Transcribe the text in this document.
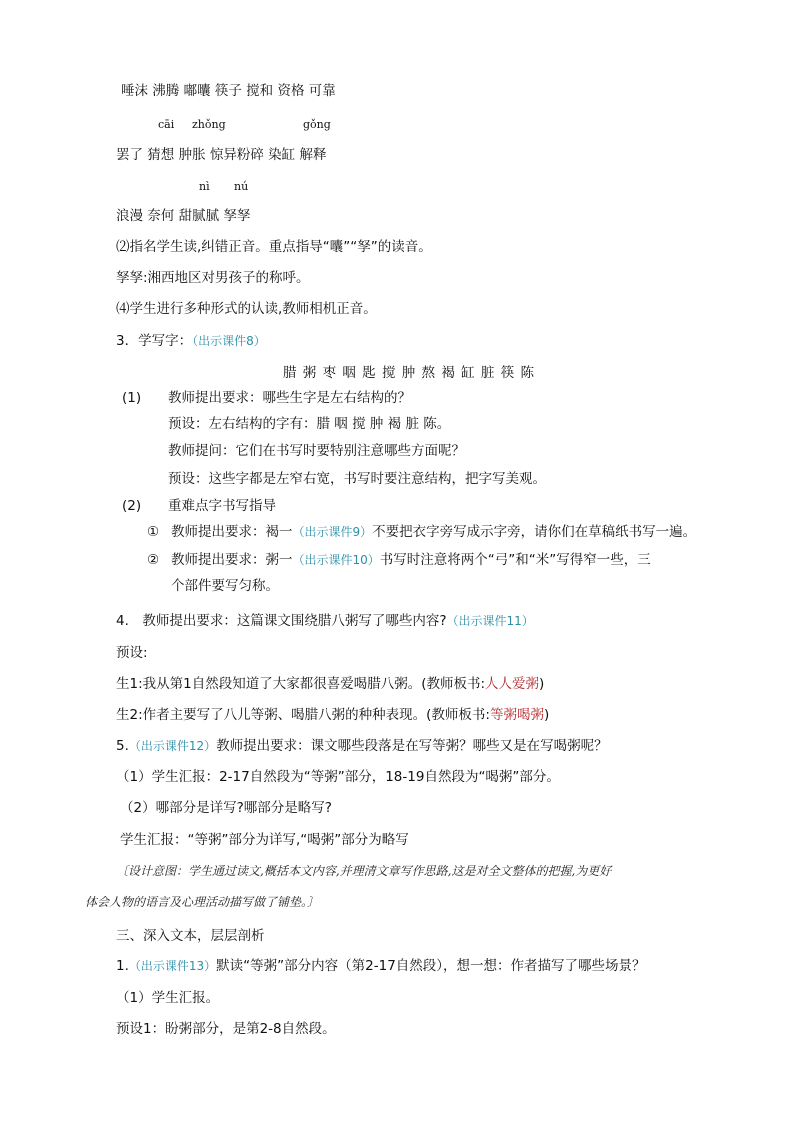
唾沫 沸腾 嘟囔 筷子 搅和 资格 可靠
cāi zhǒng	gǒng
罢了 猜想 肿胀 惊异粉碎 染缸 解释
nì nú
浪漫 奈何 甜腻腻 孥孥
⑵指名学生读,纠错正音。重点指导“囔”“孥”的读音。
孥孥:湘西地区对男孩子的称呼。
⑷学生进行多种形式的认读,教师相机正音。
3．学写字：（出示课件8）
腊 粥 枣 咽 匙 搅 肿 熬 褐 缸 脏 筷 陈
(1) 教师提出要求：哪些生字是左右结构的？
预设：左右结构的字有：腊 咽 搅 肿 褐 脏 陈。
教师提问：它们在书写时要特别注意哪些方面呢？
预设：这些字都是左窄右宽，书写时要注意结构，把字写美观。
(2) 重难点字书写指导
① 教师提出要求：褐一（出示课件9）不要把衣字旁写成示字旁，请你们在草稿纸书写一遍。
② 教师提出要求：粥一（出示课件10）书写时注意将两个“弓”和“米”写得窄一些，三
个部件要写匀称。
4.　教师提出要求：这篇课文围绕腊八粥写了哪些内容?（出示课件11）
预设:
生1:我从第1自然段知道了大家都很喜爱喝腊八粥。(教师板书:人人爱粥)
生2:作者主要写了八儿等粥、喝腊八粥的种种表现。(教师板书:等粥喝粥)
5.（出示课件12）教师提出要求：课文哪些段落是在写等粥？哪些又是在写喝粥呢？
（1）学生汇报：2-17自然段为“等粥”部分，18-19自然段为“喝粥”部分。
（2）哪部分是详写?哪部分是略写?
学生汇报：“等粥”部分为详写,“喝粥”部分为略写
〔设计意图：学生通过读文,概括本文内容,并理清文章写作思路,这是对全文整体的把握,为更好
体会人物的语言及心理活动描写做了铺垫。〕
三、深入文本，层层剖析
1.（出示课件13）默读“等粥”部分内容（第2-17自然段），想一想：作者描写了哪些场景？
（1）学生汇报。
预设1：盼粥部分，是第2-8自然段。
